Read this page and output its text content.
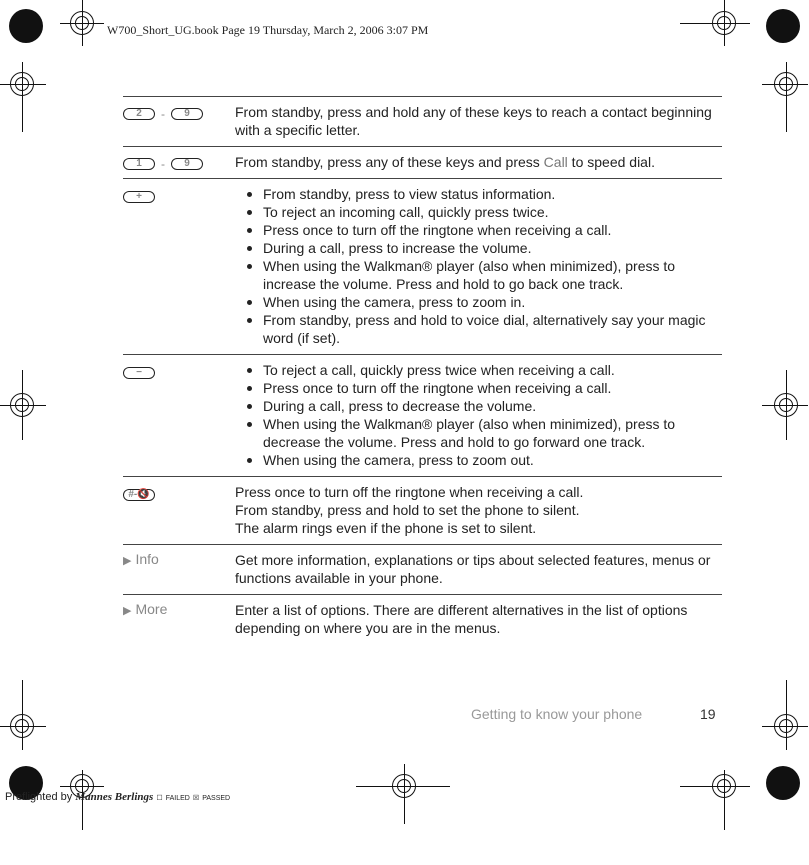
W700_Short_UG.book Page 19 Thursday, March 2, 2006 3:07 PM
2 - 9	From standby, press and hold any of these keys to reach a contact beginning with a specific letter.
1 - 9	From standby, press any of these keys and press Call to speed dial.
+	From standby, press to view status information.
To reject an incoming call, quickly press twice.
Press once to turn off the ringtone when receiving a call.
During a call, press to increase the volume.
When using the Walkman® player (also when minimized), press to increase the volume. Press and hold to go back one track.
When using the camera, press to zoom in.
From standby, press and hold to voice dial, alternatively say your magic word (if set).
−	To reject a call, quickly press twice when receiving a call.
Press once to turn off the ringtone when receiving a call.
During a call, press to decrease the volume.
When using the Walkman® player (also when minimized), press to decrease the volume. Press and hold to go forward one track.
When using the camera, press to zoom out.
#-🔇	Press once to turn off the ringtone when receiving a call.
From standby, press and hold to set the phone to silent.
The alarm rings even if the phone is set to silent.
▶ Info	Get more information, explanations or tips about selected features, menus or functions available in your phone.
▶ More	Enter a list of options. There are different alternatives in the list of options depending on where you are in the menus.
Getting to know your phone	19
Preflighted by Mannes Berlings ☐ FAILED ☒ PASSED
